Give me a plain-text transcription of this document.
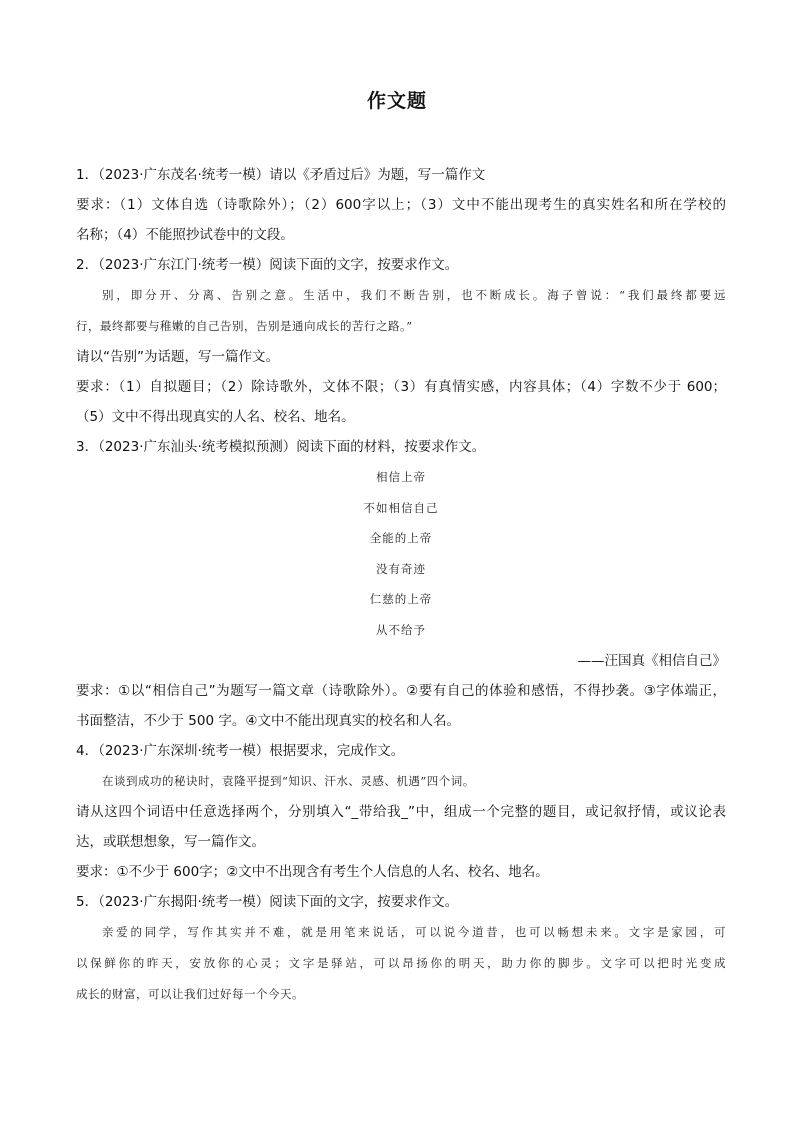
作文题
1．（2023·广东茂名·统考一模）请以《矛盾过后》为题，写一篇作文
要求：（1）文体自选（诗歌除外）；（2）600字以上；（3）文中不能出现考生的真实姓名和所在学校的
名称；（4）不能照抄试卷中的文段。
2．（2023·广东江门·统考一模）阅读下面的文字，按要求作文。
别，即分开、分离、告别之意。生活中，我们不断告别，也不断成长。海子曾说：“我们最终都要远
行，最终都要与稚嫩的自己告别，告别是通向成长的苦行之路。”
请以“告别”为话题，写一篇作文。
要求：（1）自拟题目；（2）除诗歌外，文体不限；（3）有真情实感，内容具体；（4）字数不少于 600；
（5）文中不得出现真实的人名、校名、地名。
3．（2023·广东汕头·统考模拟预测）阅读下面的材料，按要求作文。
相信上帝
不如相信自己
全能的上帝
没有奇迹
仁慈的上帝
从不给予
——汪国真《相信自己》
要求：①以“相信自己”为题写一篇文章（诗歌除外）。②要有自己的体验和感悟，不得抄袭。③字体端正，
书面整洁，不少于 500 字。④文中不能出现真实的校名和人名。
4．（2023·广东深圳·统考一模）根据要求，完成作文。
在谈到成功的秘诀时，袁隆平提到“知识、汗水、灵感、机遇”四个词。
请从这四个词语中任意选择两个，分别填入“_带给我_”中，组成一个完整的题目，或记叙抒情，或议论表
达，或联想想象，写一篇作文。
要求：①不少于 600字；②文中不出现含有考生个人信息的人名、校名、地名。
5．（2023·广东揭阳·统考一模）阅读下面的文字，按要求作文。
亲爱的同学，写作其实并不难，就是用笔来说话，可以说今道昔，也可以畅想未来。文字是家园，可
以保鲜你的昨天，安放你的心灵；文字是驿站，可以昂扬你的明天，助力你的脚步。文字可以把时光变成
成长的财富，可以让我们过好每一个今天。
